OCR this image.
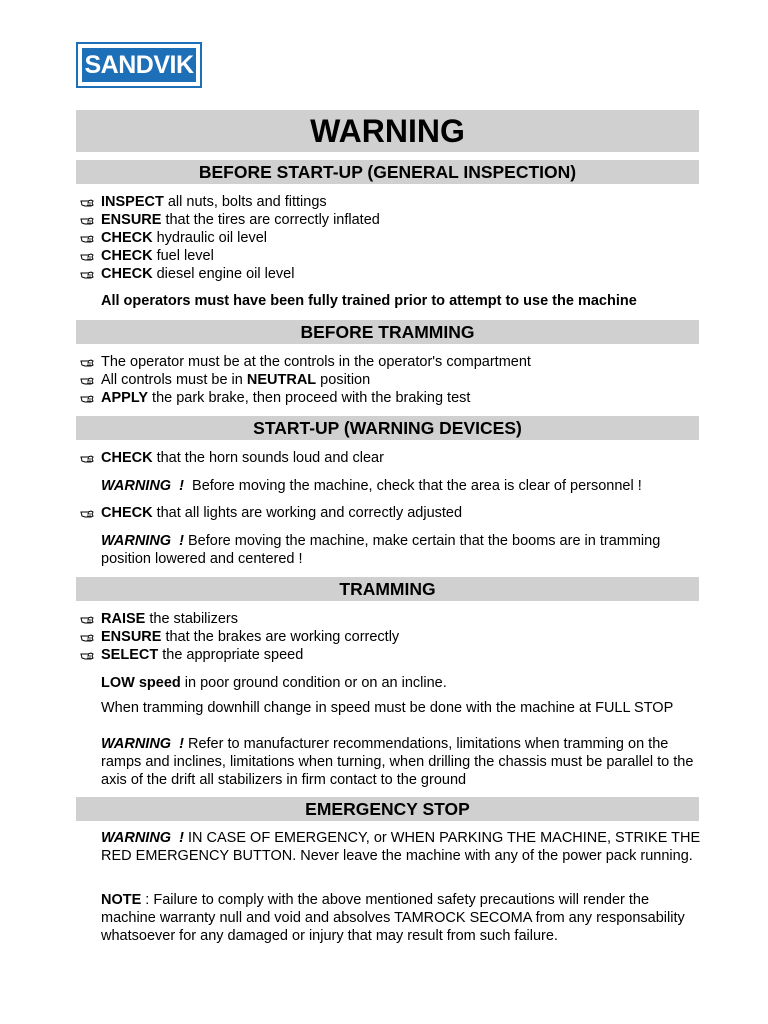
SANDVIK
WARNING
BEFORE START-UP (GENERAL INSPECTION)
INSPECT all nuts, bolts and fittings
ENSURE that the tires are correctly inflated
CHECK hydraulic oil level
CHECK fuel level
CHECK diesel engine oil level
All operators must have been fully trained prior to attempt to use the machine
BEFORE TRAMMING
The operator must be at the controls in the operator's compartment
All controls must be in NEUTRAL position
APPLY the park brake, then proceed with the braking test
START-UP (WARNING DEVICES)
CHECK that the horn sounds loud and clear
WARNING  !  Before moving the machine, check that the area is clear of personnel !
CHECK that all lights are working and correctly adjusted
WARNING  ! Before moving the machine, make certain that the booms are in tramming position lowered and centered !
TRAMMING
RAISE the stabilizers
ENSURE that the brakes are working correctly
SELECT the appropriate speed
LOW speed in poor ground condition or on an incline.
When tramming downhill change in speed must be done with the machine at FULL STOP
WARNING  ! Refer to manufacturer recommendations, limitations when tramming on the ramps and inclines, limitations when turning, when drilling the chassis must be parallel to the axis of the drift all stabilizers in firm contact to the ground
EMERGENCY STOP
WARNING  ! IN CASE OF EMERGENCY, or WHEN PARKING THE MACHINE, STRIKE THE RED EMERGENCY BUTTON. Never leave the machine with any of the power pack running.
NOTE : Failure to comply with the above mentioned safety precautions will render the machine warranty null and void and absolves TAMROCK SECOMA from any responsability whatsoever for any damaged or injury that may result from such failure.
